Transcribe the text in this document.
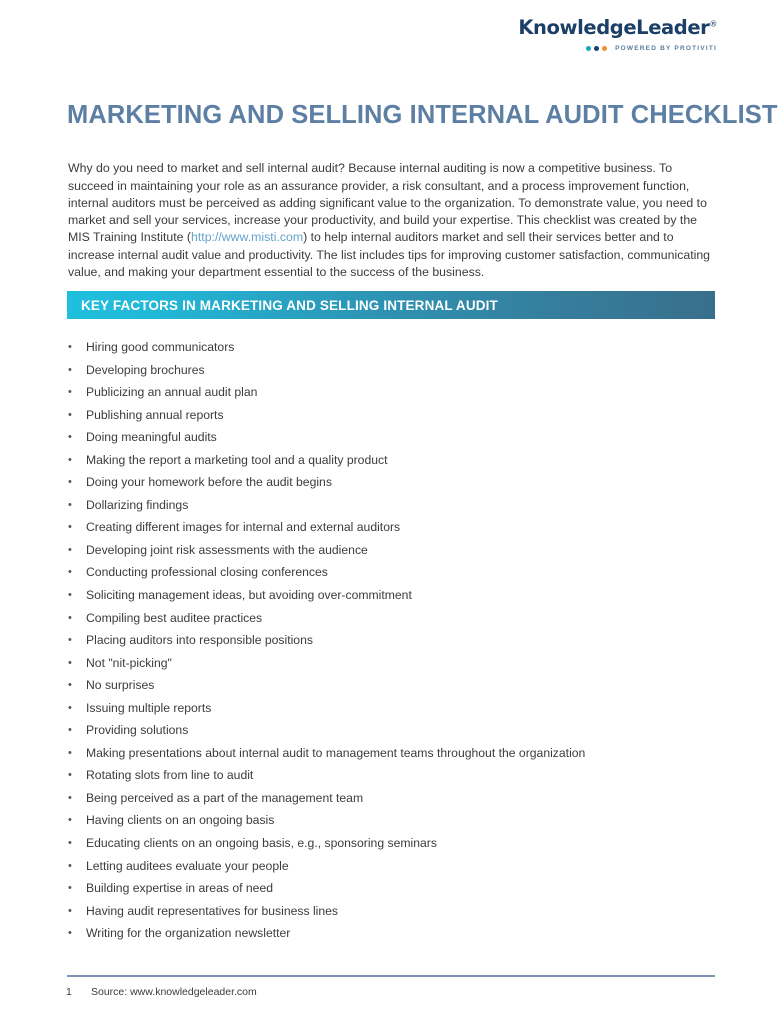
KnowledgeLeader®
POWERED BY PROTIVITI
MARKETING AND SELLING INTERNAL AUDIT CHECKLIST

Why do you need to market and sell internal audit? Because internal auditing is now a competitive business. To succeed in maintaining your role as an assurance provider, a risk consultant, and a process improvement function, internal auditors must be perceived as adding significant value to the organization. To demonstrate value, you need to market and sell your services, increase your productivity, and build your expertise. This checklist was created by the MIS Training Institute (http://www.misti.com) to help internal auditors market and sell their services better and to increase internal audit value and productivity. The list includes tips for improving customer satisfaction, communicating value, and making your department essential to the success of the business.

KEY FACTORS IN MARKETING AND SELLING INTERNAL AUDIT
•	Hiring good communicators
•	Developing brochures
•	Publicizing an annual audit plan
•	Publishing annual reports
•	Doing meaningful audits
•	Making the report a marketing tool and a quality product
•	Doing your homework before the audit begins
•	Dollarizing findings
•	Creating different images for internal and external auditors
•	Developing joint risk assessments with the audience
•	Conducting professional closing conferences
•	Soliciting management ideas, but avoiding over-commitment
•	Compiling best auditee practices
•	Placing auditors into responsible positions
•	Not "nit-picking"
•	No surprises
•	Issuing multiple reports
•	Providing solutions
•	Making presentations about internal audit to management teams throughout the organization
•	Rotating slots from line to audit
•	Being perceived as a part of the management team
•	Having clients on an ongoing basis
•	Educating clients on an ongoing basis, e.g., sponsoring seminars
•	Letting auditees evaluate your people
•	Building expertise in areas of need
•	Having audit representatives for business lines
•	Writing for the organization newsletter
1	Source: www.knowledgeleader.com
